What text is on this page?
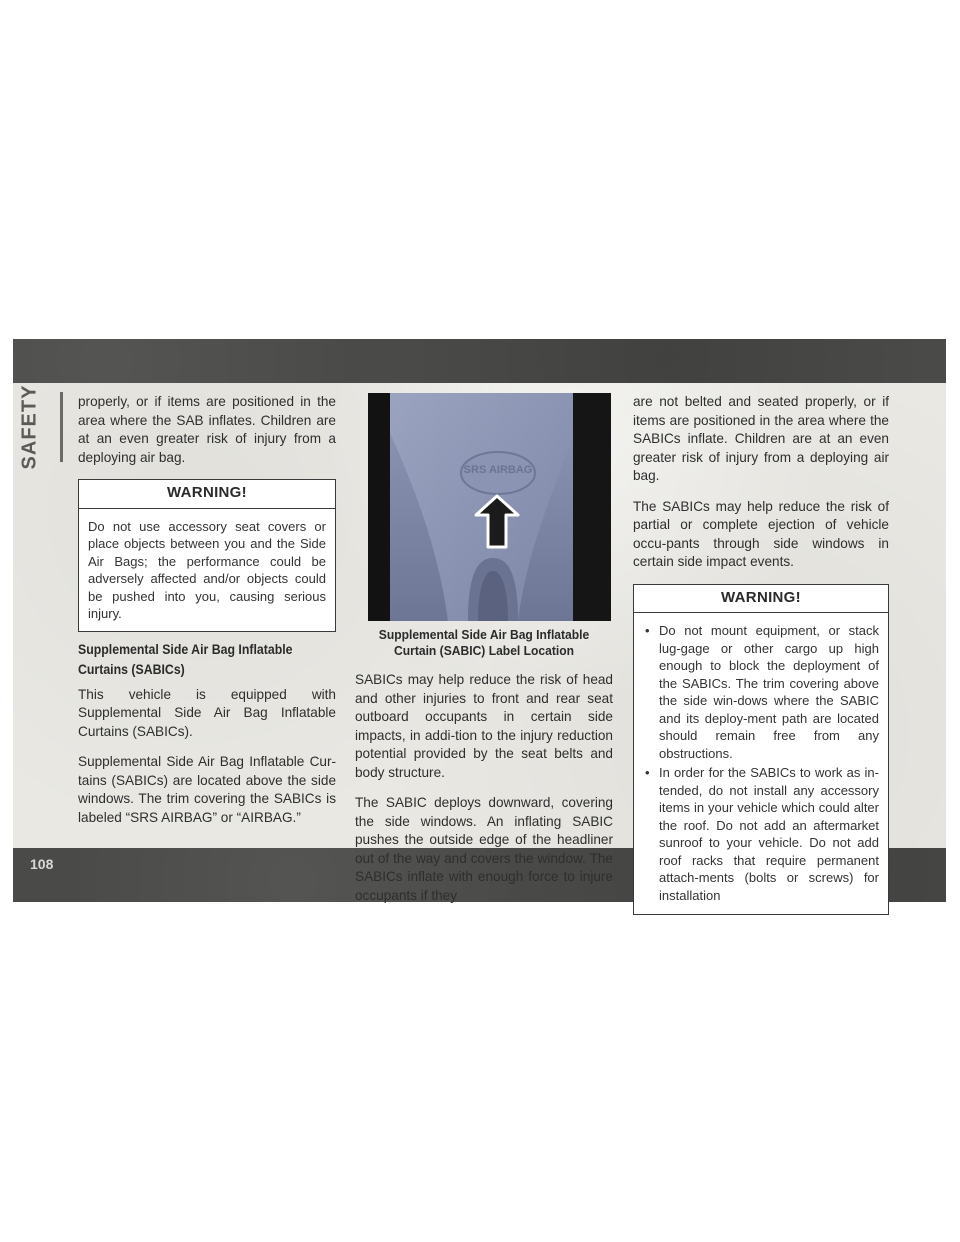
SAFETY	properly, or if items are positioned in the area where the SAB inflates. Children are at an even greater risk of injury from a deploying air bag.

WARNING!
Do not use accessory seat covers or place objects between you and the Side Air Bags; the performance could be adversely affected and/or objects could be pushed into you, causing serious injury.
Supplemental Side Air Bag Inflatable Curtains (SABICs)

This vehicle is equipped with Supplemental Side Air Bag Inflatable Curtains (SABICs).

Supplemental Side Air Bag Inflatable Cur-tains (SABICs) are located above the side windows. The trim covering the SABICs is labeled “SRS AIRBAG” or “AIRBAG.”

SRS AIRBAG
Supplemental Side Air Bag Inflatable Curtain (SABIC) Label Location

SABICs may help reduce the risk of head and other injuries to front and rear seat outboard occupants in certain side impacts, in addi-tion to the injury reduction potential provided by the seat belts and body structure.

The SABIC deploys downward, covering the side windows. An inflating SABIC pushes the outside edge of the headliner out of the way and covers the window. The SABICs inflate with enough force to injure occupants if they

are not belted and seated properly, or if items are positioned in the area where the SABICs inflate. Children are at an even greater risk of injury from a deploying air bag.

The SABICs may help reduce the risk of partial or complete ejection of vehicle occu-pants through side windows in certain side impact events.

WARNING!
• Do not mount equipment, or stack lug-gage or other cargo up high enough to block the deployment of the SABICs. The trim covering above the side win-dows where the SABIC and its deploy-ment path are located should remain free from any obstructions.
• In order for the SABICs to work as in-tended, do not install any accessory items in your vehicle which could alter the roof. Do not add an aftermarket sunroof to your vehicle. Do not add roof racks that require permanent attach-ments (bolts or screws) for installation
108
